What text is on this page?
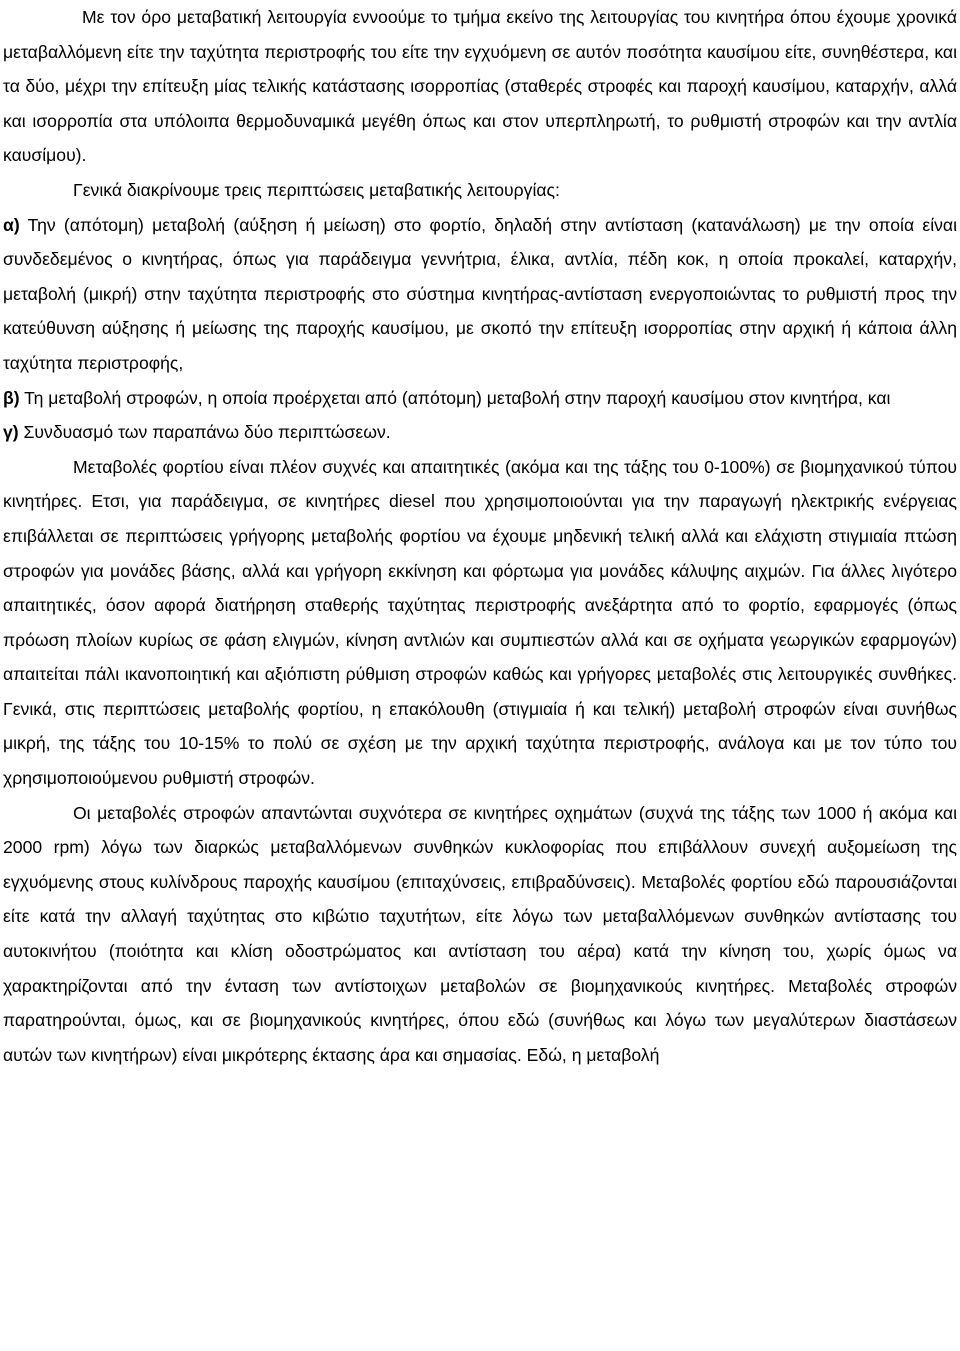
Με τον όρο μεταβατική λειτουργία εννοούμε το τμήμα εκείνο της λειτουργίας του κινητήρα όπου έχουμε χρονικά μεταβαλλόμενη είτε την ταχύτητα περιστροφής του είτε την εγχυόμενη σε αυτόν ποσότητα καυσίμου είτε, συνηθέστερα, και τα δύο, μέχρι την επίτευξη μίας τελικής κατάστασης ισορροπίας (σταθερές στροφές και παροχή καυσίμου, καταρχήν, αλλά και ισορροπία στα υπόλοιπα θερμοδυναμικά μεγέθη όπως και στον υπερπληρωτή, το ρυθμιστή στροφών και την αντλία καυσίμου).

Γενικά διακρίνουμε τρεις περιπτώσεις μεταβατικής λειτουργίας:

α) Την (απότομη) μεταβολή (αύξηση ή μείωση) στο φορτίο, δηλαδή στην αντίσταση (κατανάλωση) με την οποία είναι συνδεδεμένος ο κινητήρας, όπως για παράδειγμα γεννήτρια, έλικα, αντλία, πέδη κοκ, η οποία προκαλεί, καταρχήν, μεταβολή (μικρή) στην ταχύτητα περιστροφής στο σύστημα κινητήρας-αντίσταση ενεργοποιώντας το ρυθμιστή προς την κατεύθυνση αύξησης ή μείωσης της παροχής καυσίμου, με σκοπό την επίτευξη ισορροπίας στην αρχική ή κάποια άλλη ταχύτητα περιστροφής,

β) Τη μεταβολή στροφών, η οποία προέρχεται από (απότομη) μεταβολή στην παροχή καυσίμου στον κινητήρα, και

γ) Συνδυασμό των παραπάνω δύο περιπτώσεων.

Μεταβολές φορτίου είναι πλέον συχνές και απαιτητικές (ακόμα και της τάξης του 0-100%) σε βιομηχανικού τύπου κινητήρες. Ετσι, για παράδειγμα, σε κινητήρες diesel που χρησιμοποιούνται για την παραγωγή ηλεκτρικής ενέργειας επιβάλλεται σε περιπτώσεις γρήγορης μεταβολής φορτίου να έχουμε μηδενική τελική αλλά και ελάχιστη στιγμιαία πτώση στροφών για μονάδες βάσης, αλλά και γρήγορη εκκίνηση και φόρτωμα για μονάδες κάλυψης αιχμών. Για άλλες λιγότερο απαιτητικές, όσον αφορά διατήρηση σταθερής ταχύτητας περιστροφής ανεξάρτητα από το φορτίο, εφαρμογές (όπως πρόωση πλοίων κυρίως σε φάση ελιγμών, κίνηση αντλιών και συμπιεστών αλλά και σε οχήματα γεωργικών εφαρμογών) απαιτείται πάλι ικανοποιητική και αξιόπιστη ρύθμιση στροφών καθώς και γρήγορες μεταβολές στις λειτουργικές συνθήκες. Γενικά, στις περιπτώσεις μεταβολής φορτίου, η επακόλουθη (στιγμιαία ή και τελική) μεταβολή στροφών είναι συνήθως μικρή, της τάξης του 10-15% το πολύ σε σχέση με την αρχική ταχύτητα περιστροφής, ανάλογα και με τον τύπο του χρησιμοποιούμενου ρυθμιστή στροφών.

Οι μεταβολές στροφών απαντώνται συχνότερα σε κινητήρες οχημάτων (συχνά της τάξης των 1000 ή ακόμα και 2000 rpm) λόγω των διαρκώς μεταβαλλόμενων συνθηκών κυκλοφορίας που επιβάλλουν συνεχή αυξομείωση της εγχυόμενης στους κυλίνδρους παροχής καυσίμου (επιταχύνσεις, επιβραδύνσεις). Μεταβολές φορτίου εδώ παρουσιάζονται είτε κατά την αλλαγή ταχύτητας στο κιβώτιο ταχυτήτων, είτε λόγω των μεταβαλλόμενων συνθηκών αντίστασης του αυτοκινήτου (ποιότητα και κλίση οδοστρώματος και αντίσταση του αέρα) κατά την κίνηση του, χωρίς όμως να χαρακτηρίζονται από την ένταση των αντίστοιχων μεταβολών σε βιομηχανικούς κινητήρες. Μεταβολές στροφών παρατηρούνται, όμως, και σε βιομηχανικούς κινητήρες, όπου εδώ (συνήθως και λόγω των μεγαλύτερων διαστάσεων αυτών των κινητήρων) είναι μικρότερης έκτασης άρα και σημασίας. Εδώ, η μεταβολή
